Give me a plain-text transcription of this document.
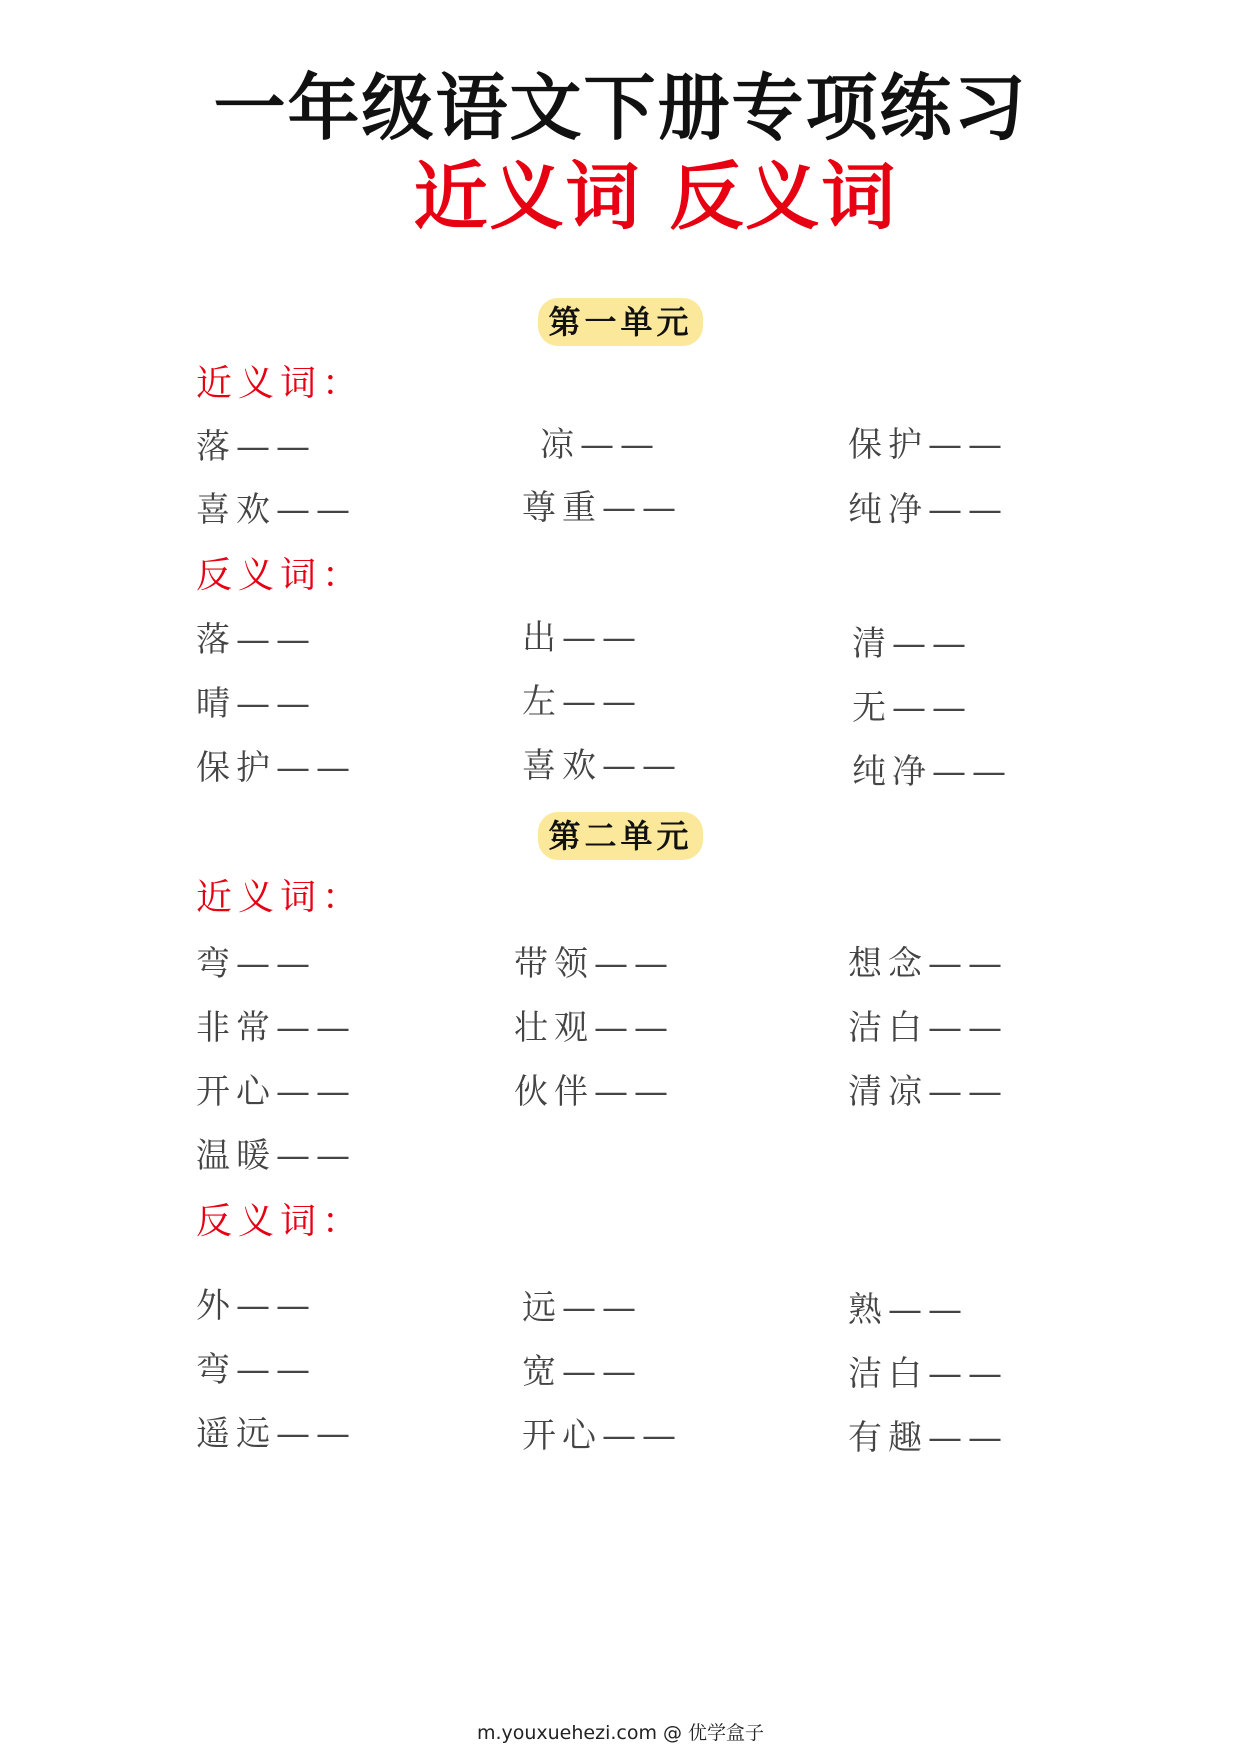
一年级语文下册专项练习
近义词 反义词
第一单元
近义词：
落——	凉——	保护——
喜欢——	尊重——	纯净——
反义词：
落——	出——	清——
晴——	左——	无——
保护——	喜欢——	纯净——
第二单元
近义词：
弯——	带领——	想念——
非常——	壮观——	洁白——
开心——	伙伴——	清凉——
温暖——
反义词：
外——	远——	熟——
弯——	宽——	洁白——
遥远——	开心——	有趣——
m.youxuehezi.com @ 优学盒子
